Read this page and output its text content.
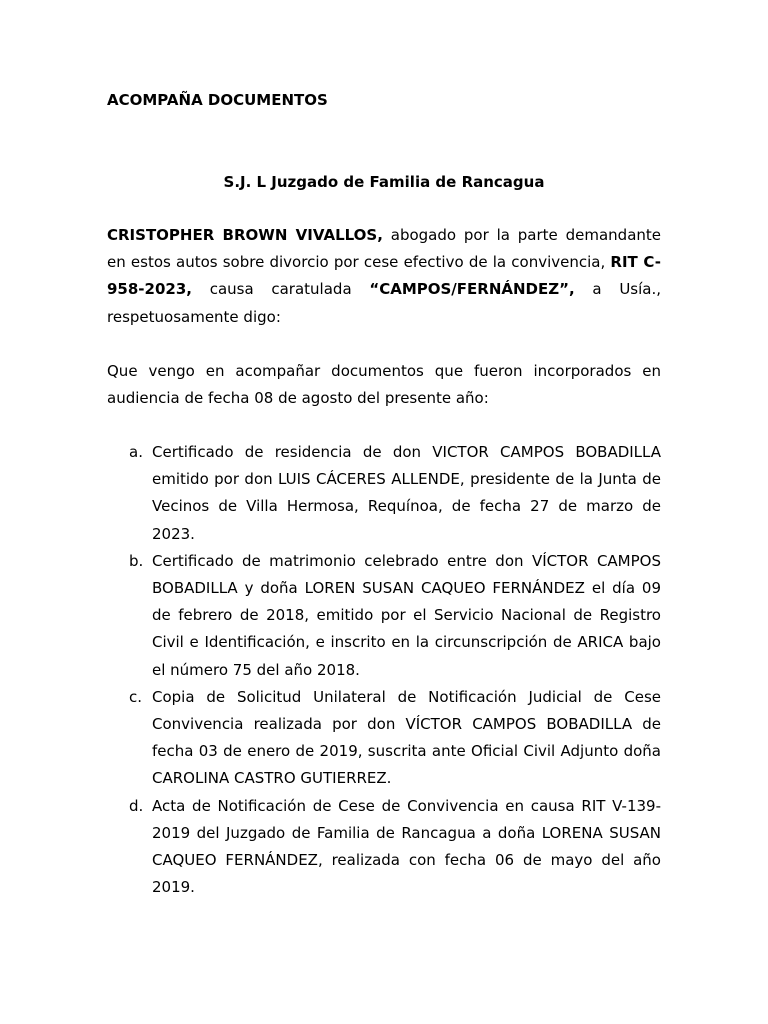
ACOMPAÑA DOCUMENTOS

S.J. L Juzgado de Familia de Rancagua

CRISTOPHER BROWN VIVALLOS, abogado por la parte demandante en estos autos sobre divorcio por cese efectivo de la convivencia, RIT C-958-2023, causa caratulada “CAMPOS/FERNÁNDEZ”, a Usía., respetuosamente digo:

Que vengo en acompañar documentos que fueron incorporados en audiencia de fecha 08 de agosto del presente año:

a. Certificado de residencia de don VICTOR CAMPOS BOBADILLA emitido por don LUIS CÁCERES ALLENDE, presidente de la Junta de Vecinos de Villa Hermosa, Requínoa, de fecha 27 de marzo de 2023.
b. Certificado de matrimonio celebrado entre don VÍCTOR CAMPOS BOBADILLA y doña LOREN SUSAN CAQUEO FERNÁNDEZ el día 09 de febrero de 2018, emitido por el Servicio Nacional de Registro Civil e Identificación, e inscrito en la circunscripción de ARICA bajo el número 75 del año 2018.
c. Copia de Solicitud Unilateral de Notificación Judicial de Cese Convivencia realizada por don VÍCTOR CAMPOS BOBADILLA de fecha 03 de enero de 2019, suscrita ante Oficial Civil Adjunto doña CAROLINA CASTRO GUTIERREZ.
d. Acta de Notificación de Cese de Convivencia en causa RIT V-139-2019 del Juzgado de Familia de Rancagua a doña LORENA SUSAN CAQUEO FERNÁNDEZ, realizada con fecha 06 de mayo del año 2019.
